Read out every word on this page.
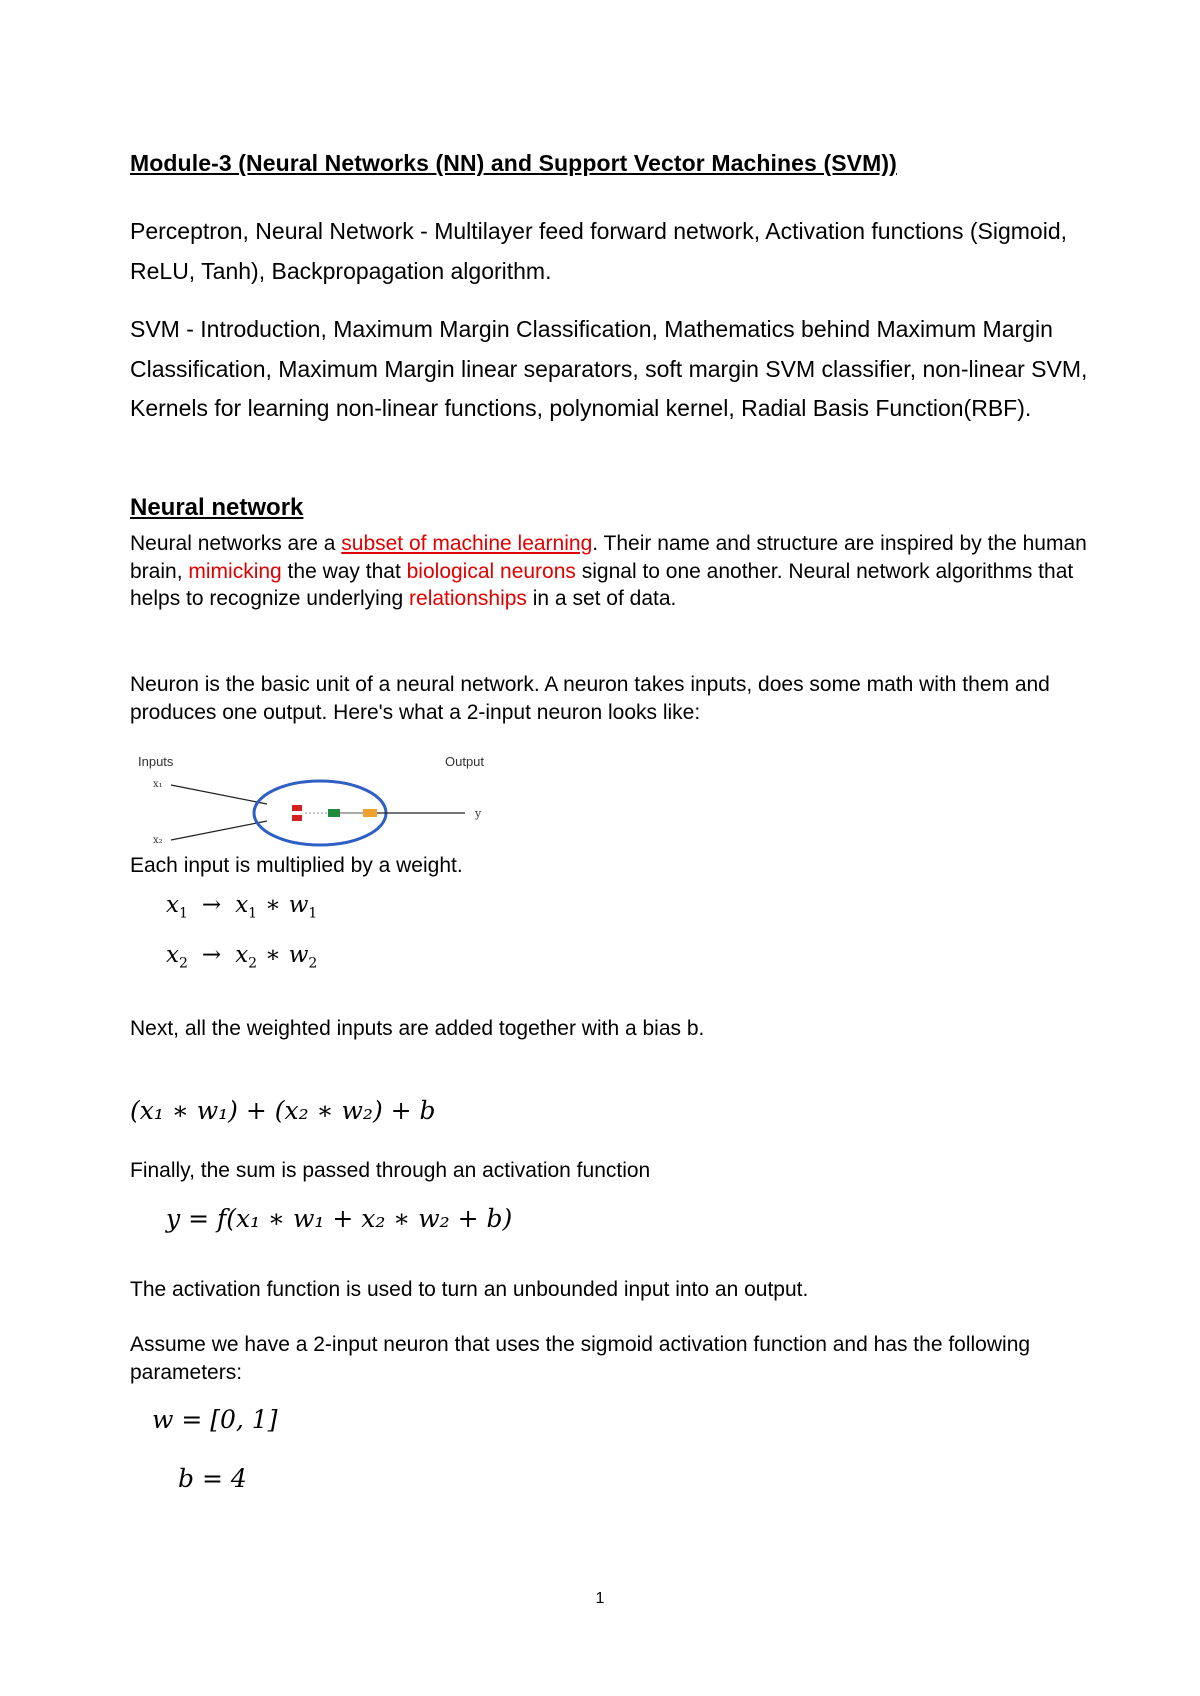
Module-3 (Neural Networks (NN) and Support Vector Machines (SVM))
Perceptron, Neural Network - Multilayer feed forward network, Activation functions (Sigmoid, ReLU, Tanh), Backpropagation algorithm.
SVM - Introduction, Maximum Margin Classification, Mathematics behind Maximum Margin Classification, Maximum Margin linear separators, soft margin SVM classifier, non-linear SVM, Kernels for learning non-linear functions, polynomial kernel, Radial Basis Function(RBF).
Neural network
Neural networks are a subset of machine learning. Their name and structure are inspired by the human brain, mimicking the way that biological neurons signal to one another. Neural network algorithms that helps to recognize underlying relationships in a set of data.
Neuron is the basic unit of a neural network. A neuron takes inputs, does some math with them and produces one output. Here's what a 2-input neuron looks like:
Inputs	Output
x₁
x₂
y
Each input is multiplied by a weight.
$x_1 \to x_1$ ∗ $w_1$
$x_2 \to x_2$ ∗ $w_2$
Next, all the weighted inputs are added together with a bias b.
(x₁ ∗ w₁) + (x₂ ∗ w₂) + b
Finally, the sum is passed through an activation function
y = f(x₁ ∗ w₁ + x₂ ∗ w₂ + b)
The activation function is used to turn an unbounded input into an output.
Assume we have a 2-input neuron that uses the sigmoid activation function and has the following parameters:
w = [0, 1]
b = 4
1
